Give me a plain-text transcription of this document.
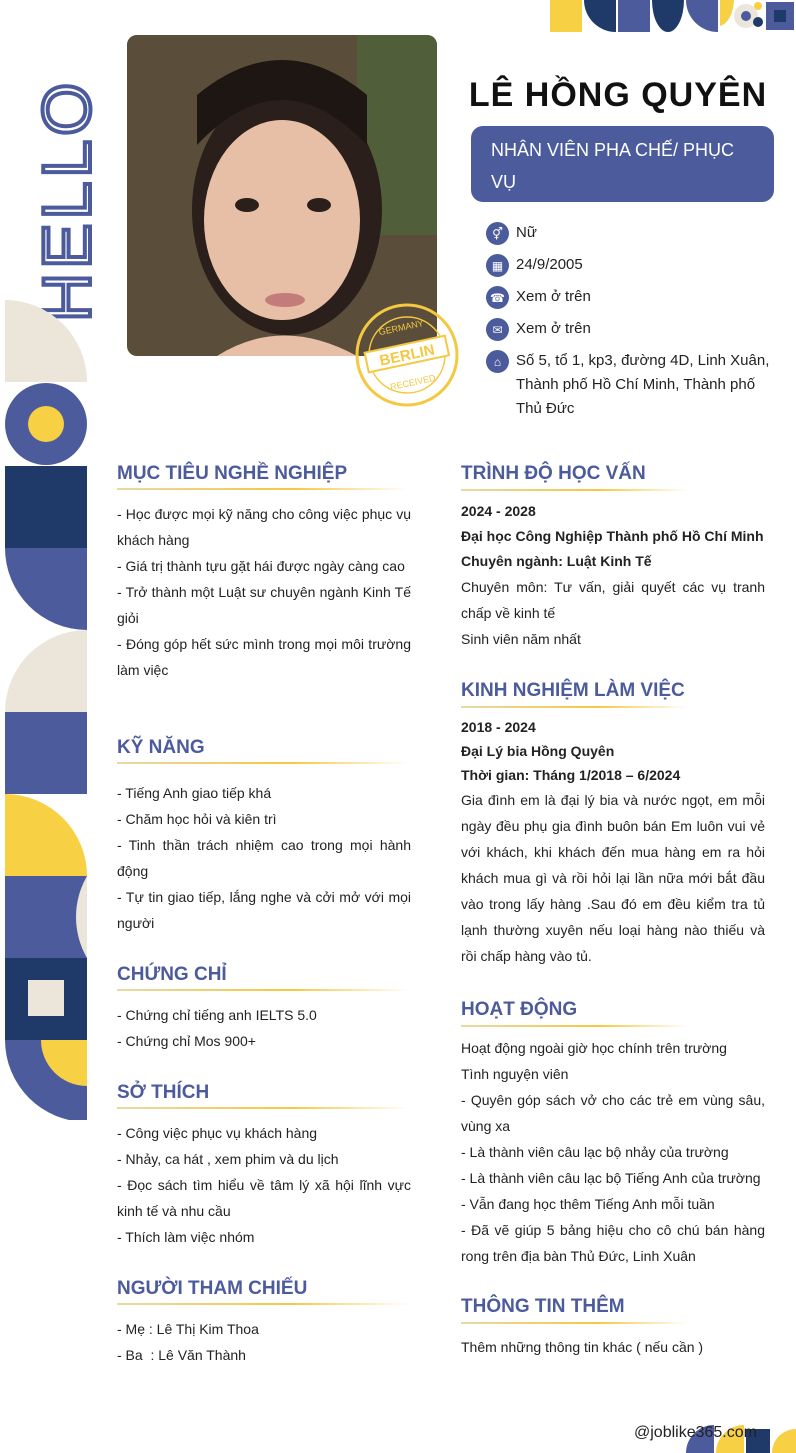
HELLO
BERLIN
GERMANY
RECEIVED
LÊ HỒNG QUYÊN
NHÂN VIÊN PHA CHẾ/ PHỤC VỤ
⚥ Nữ
▦ 24/9/2005
☎ Xem ở trên
✉ Xem ở trên
⌂ Số 5, tổ 1, kp3, đường 4D, Linh Xuân, Thành phố Hồ Chí Minh, Thành phố Thủ Đức
MỤC TIÊU NGHỀ NGHIỆP

- Học được mọi kỹ năng cho công việc phục vụ khách hàng

- Giá trị thành tựu gặt hái được ngày càng cao

- Trở thành một Luật sư chuyên ngành Kinh Tế giỏi

- Đóng góp hết sức mình trong mọi môi trường làm việc

KỸ NĂNG

- Tiếng Anh giao tiếp khá

- Chăm học hỏi và kiên trì

- Tinh thần trách nhiệm cao trong mọi hành động

- Tự tin giao tiếp, lắng nghe và cởi mở với mọi người

CHỨNG CHỈ

- Chứng chỉ tiếng anh IELTS 5.0

- Chứng chỉ Mos 900+

SỞ THÍCH

- Công việc phục vụ khách hàng

- Nhảy, ca hát , xem phim và du lịch

- Đọc sách tìm hiểu về tâm lý xã hội lĩnh vực kinh tế và nhu cầu

- Thích làm việc nhóm

NGƯỜI THAM CHIẾU

- Mẹ : Lê Thị Kim Thoa

- Ba  : Lê Văn Thành

TRÌNH ĐỘ HỌC VẤN

2024 - 2028

Đại học Công Nghiệp Thành phố Hồ Chí Minh

Chuyên ngành: Luật Kinh Tế

Chuyên môn: Tư vấn, giải quyết các vụ tranh chấp về kinh tế

Sinh viên năm nhất

KINH NGHIỆM LÀM VIỆC

2018 - 2024

Đại Lý bia Hồng Quyên

Thời gian: Tháng 1/2018 – 6/2024

Gia đình em là đại lý bia và nước ngọt, em mỗi ngày đều phụ gia đình buôn bán Em luôn vui vẻ với khách, khi khách đến mua hàng em ra hỏi khách mua gì và rồi hỏi lại lần nữa mới bắt đầu vào trong lấy hàng .Sau đó em đều kiểm tra tủ lạnh thường xuyên nếu loại hàng nào thiếu và rồi chấp hàng vào tủ.

HOẠT ĐỘNG

Hoạt động ngoài giờ học chính trên trường

Tình nguyện viên

- Quyên góp sách vở cho các trẻ em vùng sâu, vùng xa

- Là thành viên câu lạc bộ nhảy của trường

- Là thành viên câu lạc bộ Tiếng Anh của trường

- Vẫn đang học thêm Tiếng Anh mỗi tuần

- Đã vẽ giúp 5 bảng hiệu cho cô chú bán hàng rong trên địa bàn Thủ Đức, Linh Xuân

THÔNG TIN THÊM
Thêm những thông tin khác ( nếu cần )
@joblike365.com
